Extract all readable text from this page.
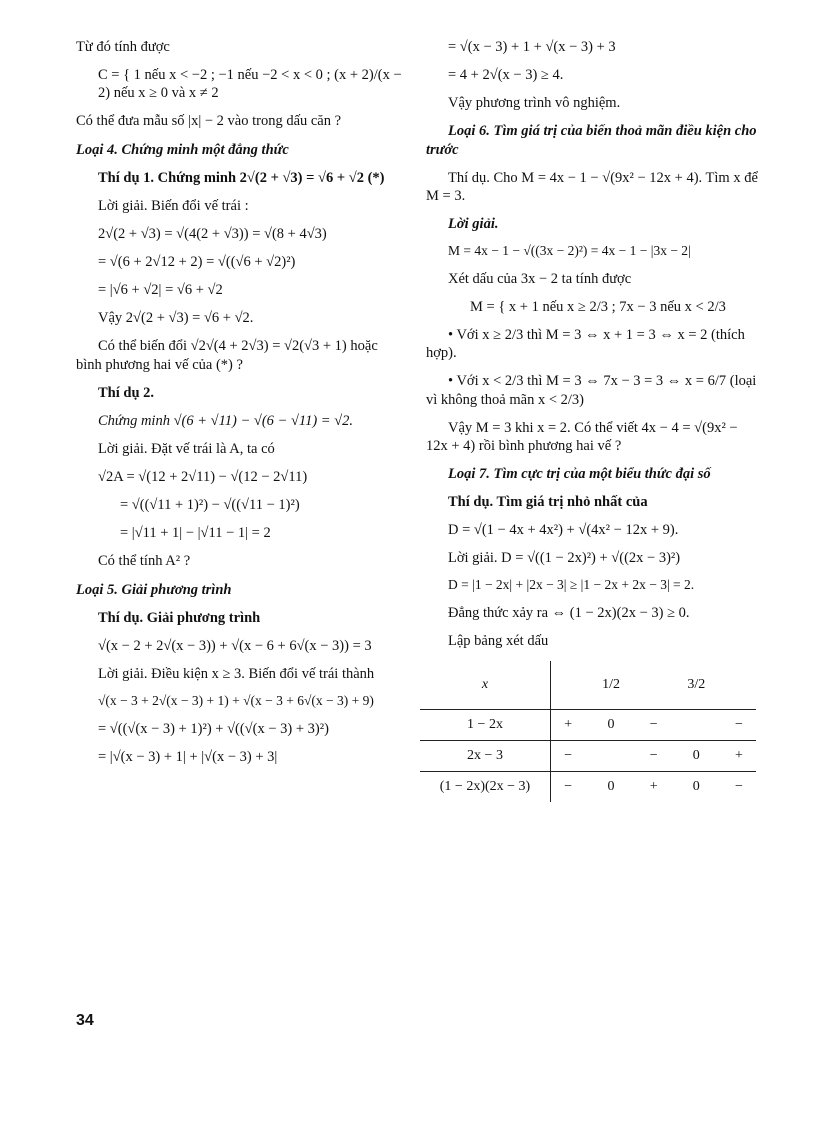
Từ đó tính được
C = { 1 nếu x < −2 ; −1 nếu −2 < x < 0 ; (x + 2)/(x − 2) nếu x ≥ 0 và x ≠ 2
Có thể đưa mẫu số |x| − 2 vào trong dấu căn ?
Loại 4. Chứng minh một đẳng thức
Thí dụ 1. Chứng minh 2√(2 + √3) = √6 + √2 (*)
Lời giải. Biến đổi vế trái :
2√(2 + √3) = √(4(2 + √3)) = √(8 + 4√3)
= √(6 + 2√12 + 2) = √((√6 + √2)²)
= |√6 + √2| = √6 + √2
Vậy 2√(2 + √3) = √6 + √2.
Có thể biến đổi √2√(4 + 2√3) = √2(√3 + 1) hoặc bình phương hai vế của (*) ?
Thí dụ 2.
Chứng minh √(6 + √11) − √(6 − √11) = √2.
Lời giải. Đặt vế trái là A, ta có
√2A = √(12 + 2√11) − √(12 − 2√11)
= √((√11 + 1)²) − √((√11 − 1)²)
= |√11 + 1| − |√11 − 1| = 2
Có thể tính A² ?
Loại 5. Giải phương trình
Thí dụ. Giải phương trình
√(x − 2 + 2√(x − 3)) + √(x − 6 + 6√(x − 3)) = 3
Lời giải. Điều kiện x ≥ 3. Biến đổi vế trái thành
√(x − 3 + 2√(x − 3) + 1) + √(x − 3 + 6√(x − 3) + 9)
= √((√(x − 3) + 1)²) + √((√(x − 3) + 3)²)
= |√(x − 3) + 1| + |√(x − 3) + 3|
= √(x − 3) + 1 + √(x − 3) + 3
= 4 + 2√(x − 3) ≥ 4.
Vậy phương trình vô nghiệm.
Loại 6. Tìm giá trị của biến thoả mãn điều kiện cho trước
Thí dụ. Cho M = 4x − 1 − √(9x² − 12x + 4). Tìm x để M = 3.
Lời giải.
M = 4x − 1 − √((3x − 2)²) = 4x − 1 − |3x − 2|
Xét dấu của 3x − 2 ta tính được
M = { x + 1 nếu x ≥ 2/3 ; 7x − 3 nếu x < 2/3
• Với x ≥ 2/3 thì M = 3 ⇔ x + 1 = 3 ⇔ x = 2 (thích hợp).
• Với x < 2/3 thì M = 3 ⇔ 7x − 3 = 3 ⇔ x = 6/7 (loại vì không thoả mãn x < 2/3)
Vậy M = 3 khi x = 2. Có thể viết 4x − 4 = √(9x² − 12x + 4) rồi bình phương hai vế ?
Loại 7. Tìm cực trị của một biểu thức đại số
Thí dụ. Tìm giá trị nhỏ nhất của
D = √(1 − 4x + 4x²) + √(4x² − 12x + 9).
Lời giải. D = √((1 − 2x)²) + √((2x − 3)²)
D = |1 − 2x| + |2x − 3| ≥ |1 − 2x + 2x − 3| = 2.
Đẳng thức xảy ra ⇔ (1 − 2x)(2x − 3) ≥ 0.
Lập bảng xét dấu
x		1/2		3/2	
1 − 2x	+	0	−		−
2x − 3	−		−	0	+
(1 − 2x)(2x − 3)	−	0	+	0	−
34
